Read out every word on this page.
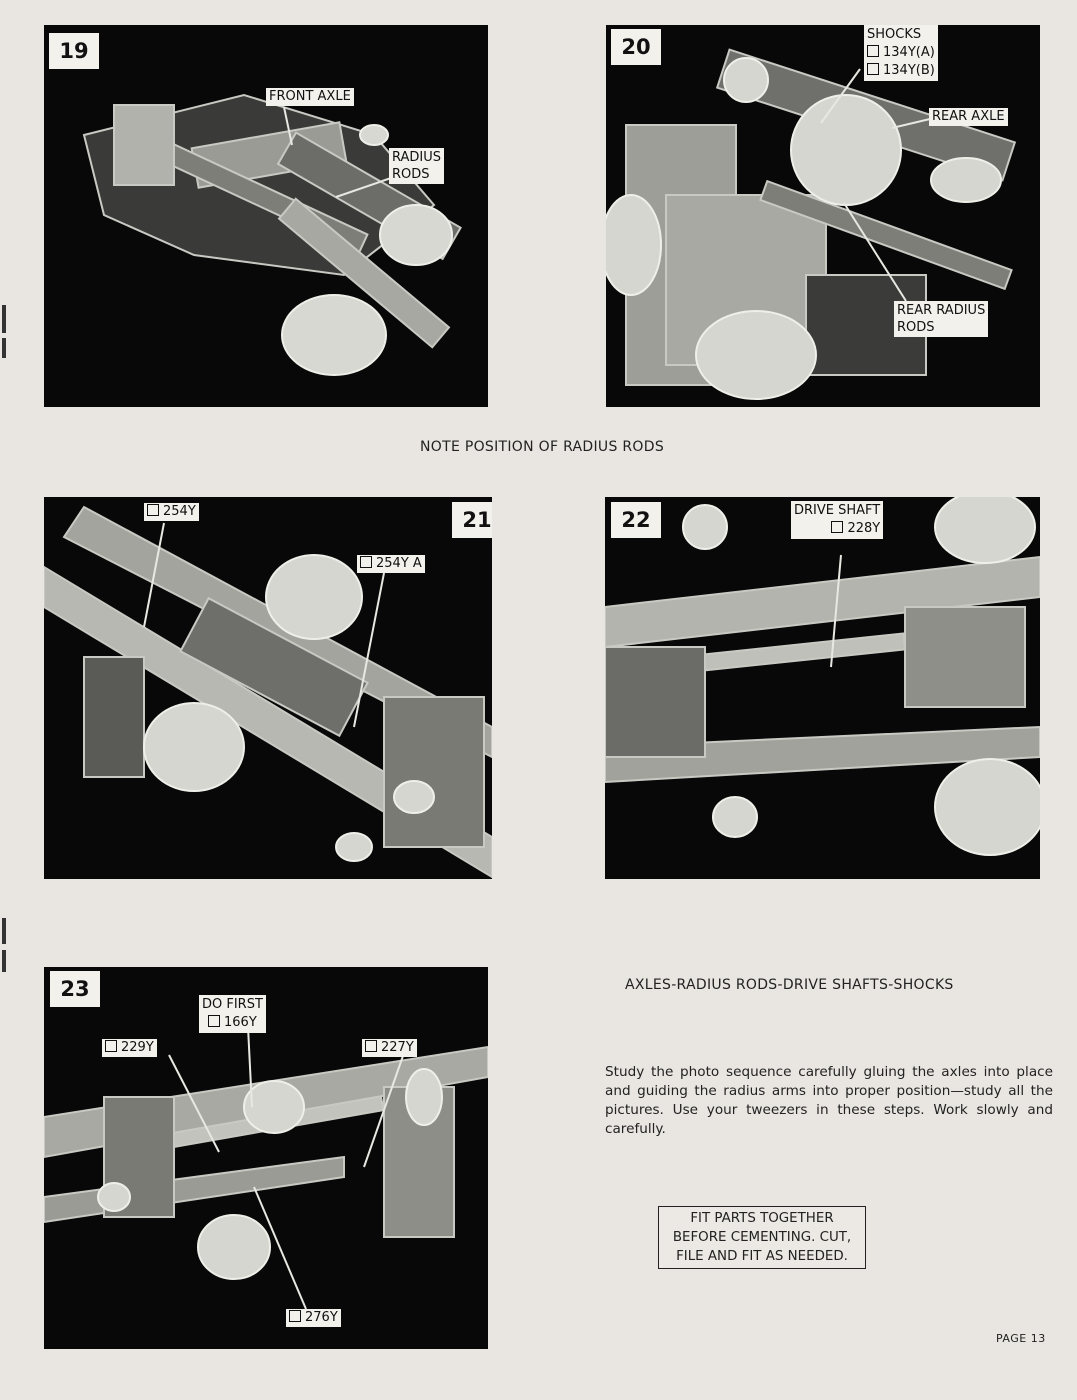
19
FRONT AXLE
RADIUS
RODS
20
SHOCKS
134Y(A)
134Y(B)
REAR AXLE
REAR RADIUS
RODS
NOTE POSITION OF RADIUS RODS
21
254Y
254Y A
22	DRIVE SHAFT
228Y
23
DO FIRST
166Y
229Y	227Y
276Y
AXLES-RADIUS RODS-DRIVE SHAFTS-SHOCKS
Study the photo sequence carefully gluing the axles into place and guiding the radius arms into proper position—study all the pictures. Use your tweezers in these steps. Work slowly and carefully.
FIT PARTS TOGETHER
BEFORE CEMENTING. CUT,
FILE AND FIT AS NEEDED.
PAGE 13
